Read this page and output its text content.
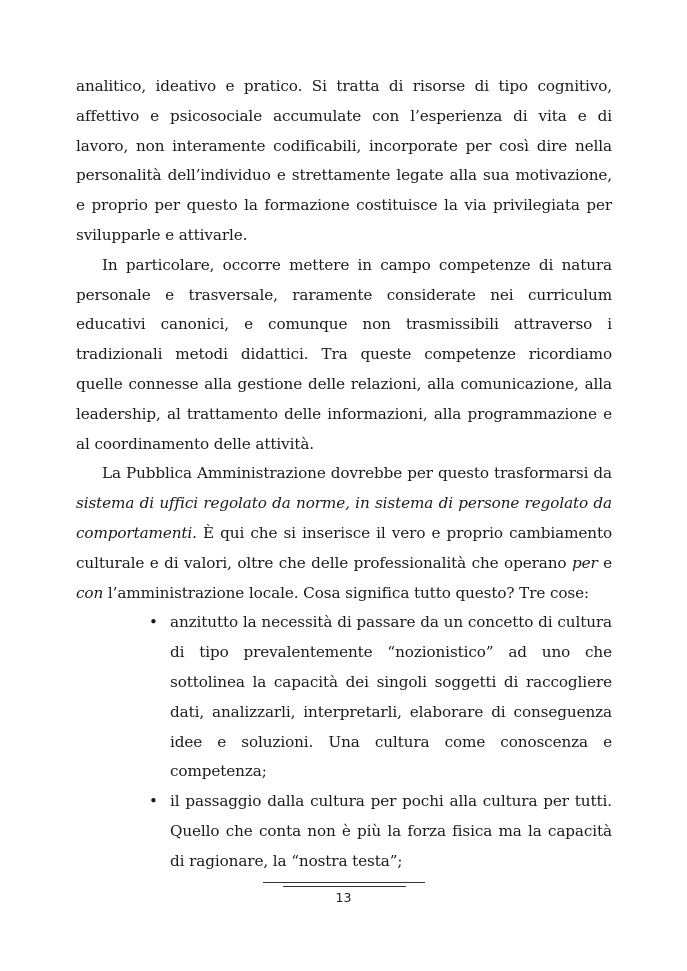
analitico, ideativo e pratico. Si tratta di risorse di tipo cognitivo, affettivo e psicosociale accumulate con l’esperienza di vita e di lavoro, non interamente codificabili, incorporate per così dire nella personalità dell’individuo e strettamente legate alla sua motivazione, e proprio per questo la formazione costituisce la via privilegiata per svilupparle e attivarle.

In particolare, occorre mettere in campo competenze di natura personale e trasversale, raramente considerate nei curriculum educativi canonici, e comunque non trasmissibili attraverso i tradizionali metodi didattici. Tra queste competenze ricordiamo quelle connesse alla gestione delle relazioni, alla comunicazione, alla leadership, al trattamento delle informazioni, alla programmazione e al coordinamento delle attività.

La Pubblica Amministrazione dovrebbe per questo trasformarsi da sistema di uffici regolato da norme, in sistema di persone regolato da comportamenti. È qui che si inserisce il vero e proprio cambiamento culturale e di valori, oltre che delle professionalità che operano per e con l’amministrazione locale. Cosa significa tutto questo? Tre cose:

• anzitutto la necessità di passare da un concetto di cultura di tipo prevalentemente “nozionistico” ad uno che sottolinea la capacità dei singoli soggetti di raccogliere dati, analizzarli, interpretarli, elaborare di conseguenza idee e soluzioni. Una cultura come conoscenza e competenza;
• il passaggio dalla cultura per pochi alla cultura per tutti. Quello che conta non è più la forza fisica ma la capacità di ragionare, la “nostra testa”;
13
